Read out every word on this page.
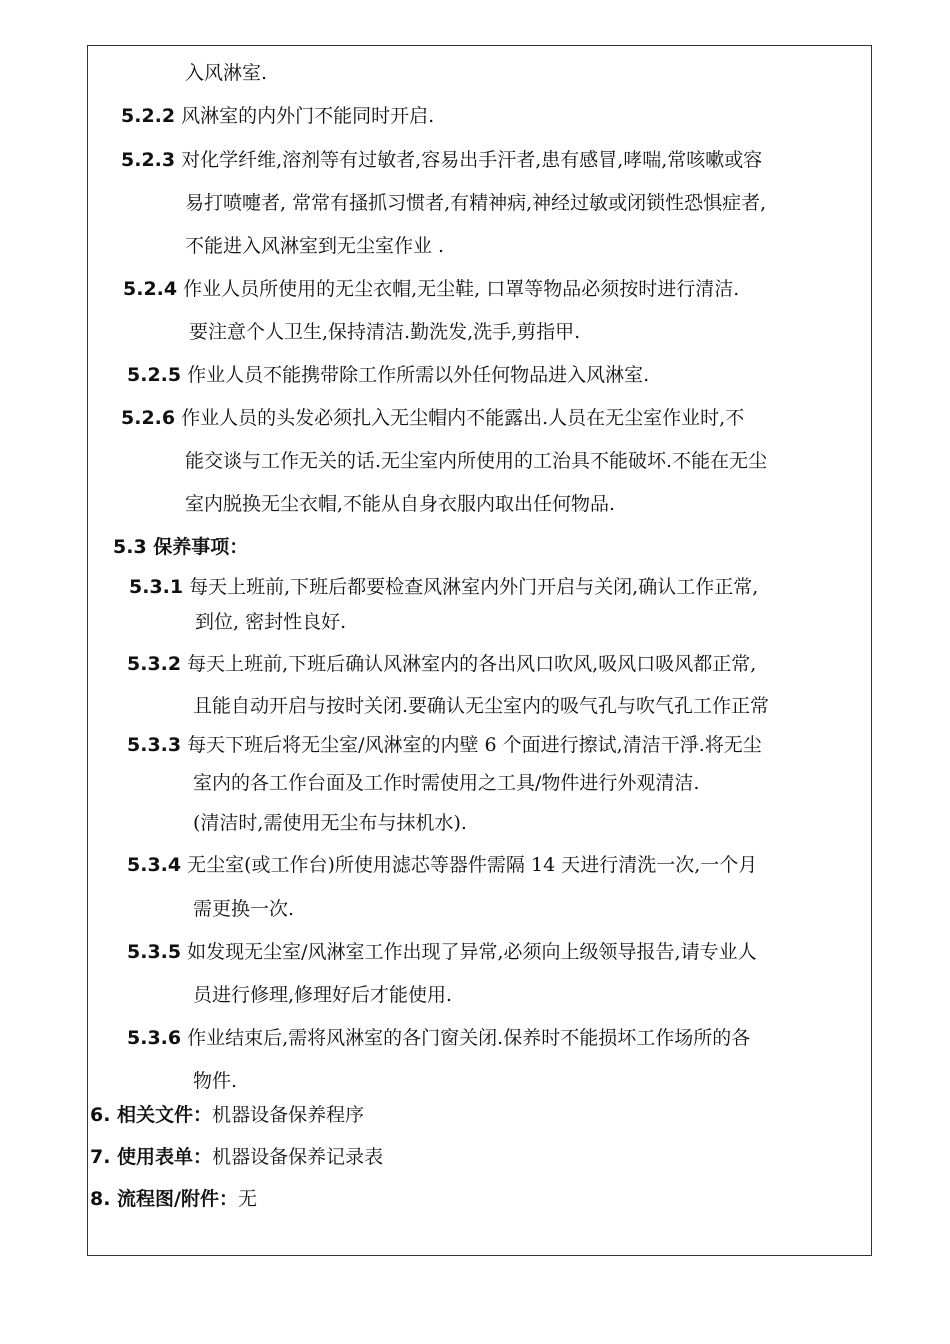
入风淋室.
5.2.2 风淋室的内外门不能同时开启.
5.2.3 对化学纤维,溶剂等有过敏者,容易出手汗者,患有感冒,哮喘,常咳嗽或容
易打喷嚏者, 常常有搔抓习惯者,有精神病,神经过敏或闭锁性恐惧症者,
不能进入风淋室到无尘室作业 .
5.2.4 作业人员所使用的无尘衣帽,无尘鞋, 口罩等物品必须按时进行清洁.
要注意个人卫生,保持清洁.勤洗发,洗手,剪指甲.
5.2.5 作业人员不能携带除工作所需以外任何物品进入风淋室.
5.2.6 作业人员的头发必须扎入无尘帽内不能露出.人员在无尘室作业时,不
能交谈与工作无关的话.无尘室内所使用的工治具不能破坏.不能在无尘
室内脱换无尘衣帽,不能从自身衣服内取出任何物品.
5.3 保养事项：
5.3.1 每天上班前,下班后都要检查风淋室内外门开启与关闭,确认工作正常,
到位, 密封性良好.
5.3.2 每天上班前,下班后确认风淋室内的各出风口吹风,吸风口吸风都正常,
且能自动开启与按时关闭.要确认无尘室内的吸气孔与吹气孔工作正常
5.3.3 每天下班后将无尘室/风淋室的内壁 6 个面进行擦试,清洁干淨.将无尘
室内的各工作台面及工作时需使用之工具/物件进行外观清洁.
(清洁时,需使用无尘布与抹机水).
5.3.4 无尘室(或工作台)所使用滤芯等器件需隔 14 天进行清洗一次,一个月
需更换一次.
5.3.5 如发现无尘室/风淋室工作出现了异常,必须向上级领导报告,请专业人
员进行修理,修理好后才能使用.
5.3.6 作业结束后,需将风淋室的各门窗关闭.保养时不能损坏工作场所的各
物件.
6. 相关文件：机器设备保养程序
7. 使用表单：机器设备保养记录表
8. 流程图/附件：无
